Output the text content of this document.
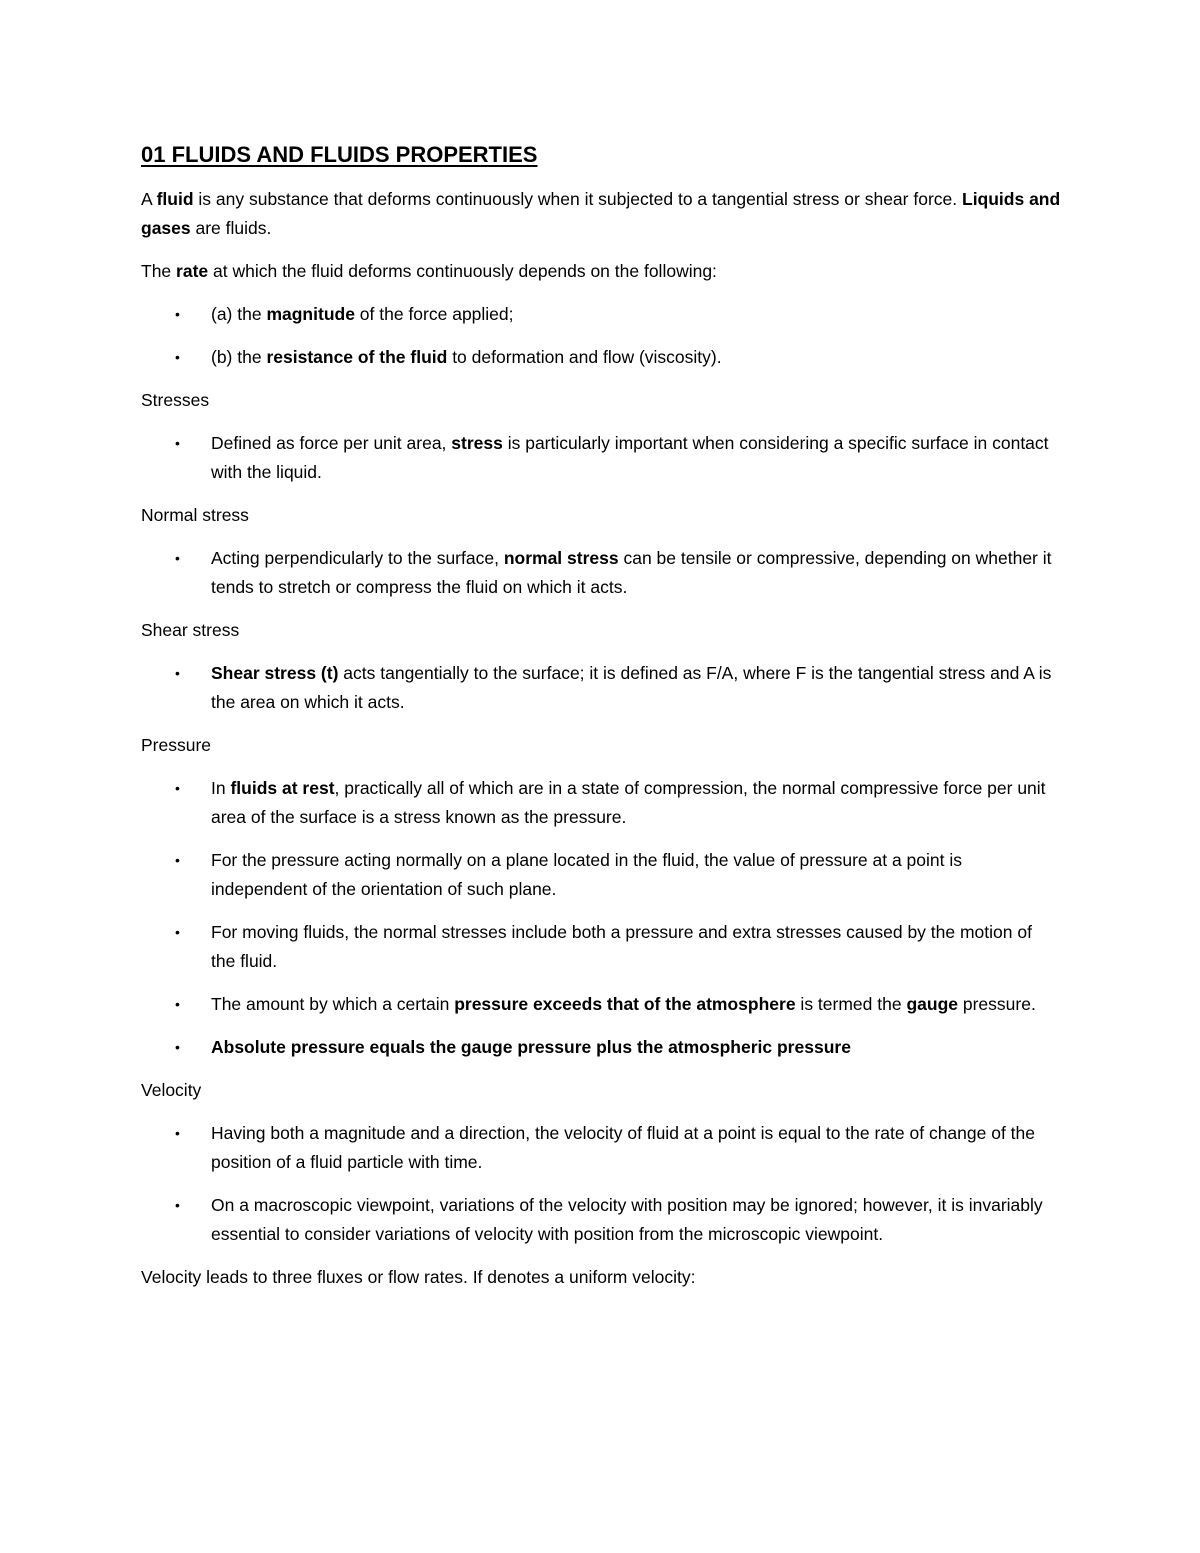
01 FLUIDS AND FLUIDS PROPERTIES

A fluid is any substance that deforms continuously when it subjected to a tangential stress or shear force. Liquids and gases are fluids.

The rate at which the fluid deforms continuously depends on the following:

• (a) the magnitude of the force applied;
• (b) the resistance of the fluid to deformation and flow (viscosity).

Stresses

• Defined as force per unit area, stress is particularly important when considering a specific surface in contact with the liquid.

Normal stress

• Acting perpendicularly to the surface, normal stress can be tensile or compressive, depending on whether it tends to stretch or compress the fluid on which it acts.

Shear stress

• Shear stress (t) acts tangentially to the surface; it is defined as F/A, where F is the tangential stress and A is the area on which it acts.

Pressure

• In fluids at rest, practically all of which are in a state of compression, the normal compressive force per unit area of the surface is a stress known as the pressure.
• For the pressure acting normally on a plane located in the fluid, the value of pressure at a point is independent of the orientation of such plane.
• For moving fluids, the normal stresses include both a pressure and extra stresses caused by the motion of the fluid.
• The amount by which a certain pressure exceeds that of the atmosphere is termed the gauge pressure.
• Absolute pressure equals the gauge pressure plus the atmospheric pressure

Velocity

• Having both a magnitude and a direction, the velocity of fluid at a point is equal to the rate of change of the position of a fluid particle with time.
• On a macroscopic viewpoint, variations of the velocity with position may be ignored; however, it is invariably essential to consider variations of velocity with position from the microscopic viewpoint.

Velocity leads to three fluxes or flow rates. If denotes a uniform velocity:
